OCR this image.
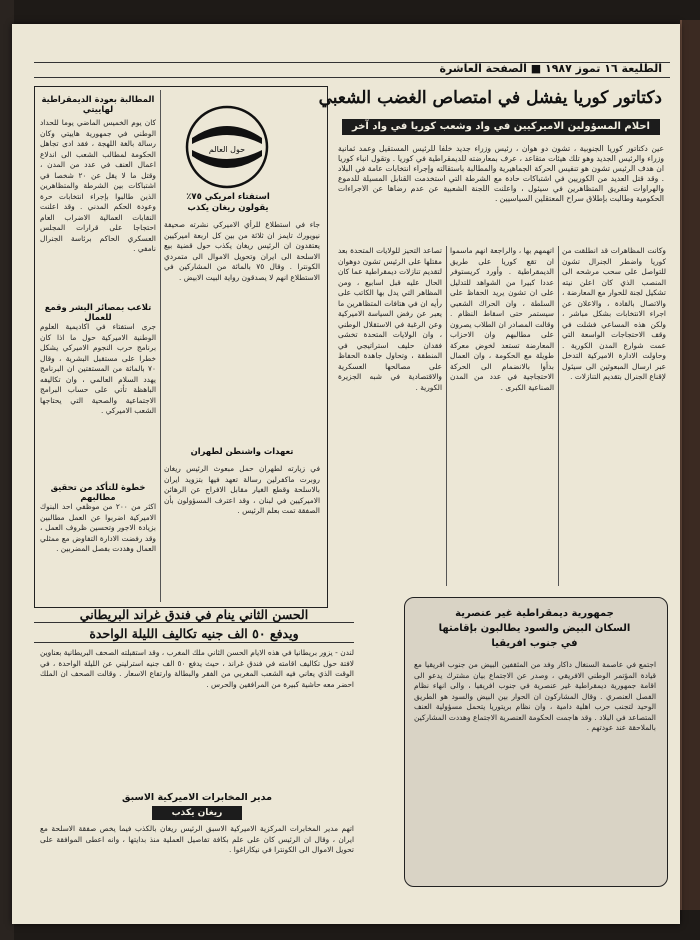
الطليعة ١٦ تموز ١٩٨٧ ■ الصفحة العاشرة
المطالبة بعودة الديمقراطية لهاييتي
كان يوم الخميس الماضي يوما للحداد الوطني في جمهورية هاييتي وكان رسالة بالغة اللهجة ، فقد ادى تجاهل الحكومة لمطالب الشعب الى اندلاع اعمال العنف في عدد من المدن ، وقتل ما لا يقل عن ٢٠ شخصا في اشتباكات بين الشرطة والمتظاهرين الذين طالبوا بإجراء انتخابات حرة وعودة الحكم المدني . وقد اعلنت النقابات العمالية الاضراب العام احتجاجا على قرارات المجلس العسكري الحاكم برئاسة الجنرال نامفي .
تلاعب بمصائر البشر وقمع للعمال
جرى استفتاء في اكاديمية العلوم الوطنية الاميركية حول ما اذا كان برنامج حرب النجوم الاميركي يشكل خطرا على مستقبل البشرية ، وقال ٧٠ بالمائة من المستفتين ان البرنامج يهدد السلام العالمي ، وان تكاليفه الباهظة تأتي على حساب البرامج الاجتماعية والصحية التي يحتاجها الشعب الاميركي .
خطوة للتأكد من تحقيق مطالبهم
اكثر من ٢٠٠ من موظفي احد البنوك الاميركية اضربوا عن العمل مطالبين بزيادة الاجور وتحسين ظروف العمل ، وقد رفضت الادارة التفاوض مع ممثلي العمال وهددت بفصل المضربين .
حول العالم
استفتاء امريكي ٧٥٪ يقولون ريغان يكذب
جاء في استطلاع للرأي الاميركي نشرته صحيفة نيويورك تايمز ان ثلاثة من بين كل اربعة اميركيين يعتقدون ان الرئيس ريغان يكذب حول قضية بيع الاسلحة الى ايران وتحويل الاموال الى متمردي الكونترا . وقال ٧٥ بالمائة من المشاركين في الاستطلاع انهم لا يصدقون رواية البيت الابيض .
تعهدات واشنطن لطهران
في زيارته لطهران حمل مبعوث الرئيس ريغان روبرت ماكفرلين رسالة تعهد فيها بتزويد ايران بالاسلحة وقطع الغيار مقابل الافراج عن الرهائن الاميركيين في لبنان ، وقد اعترف المسؤولون بأن الصفقة تمت بعلم الرئيس .
دكتاتور كوريا يفشل في امتصاص الغضب الشعبي
احلام المسؤولين الاميركيين في واد وشعب كوريا في واد آخر
عين دكتاتور كوريا الجنوبية ، تشون دو هوان ، رئيس وزراء جديد خلفا للرئيس المستقيل وعمد ثمانية وزراء والرئيس الجديد وهو تلك هيئات متقاعد ، عرف بمعارضته للديمقراطية في كوريا . وتقول انباء كوريا ان هدف الرئيس تشون هو تنفيس الحركة الجماهيرية والمطالبة باستقالته وإجراء انتخابات عامة في البلاد . وقد قتل العديد من الكوريين في اشتباكات حادة مع الشرطة التي استخدمت القنابل المسيلة للدموع والهراوات لتفريق المتظاهرين في سيئول ، واعلنت اللجنة الشعبية عن عدم رضاها عن الاجراءات الحكومية وطالبت بإطلاق سراح المعتقلين السياسيين .
وكانت المظاهرات قد انطلقت من كوريا واضطر الجنرال تشون للتواصل على سحب مرشحه الى المنصب الذي كان اعلن نيته تشكيل لجنة للحوار مع المعارضة ، والاتصال بالقادة ، والاعلان عن اجراء الانتخابات بشكل مباشر ، ولكن هذه المساعي فشلت في وقف الاحتجاجات الواسعة التي عمت شوارع المدن الكورية . وحاولت الادارة الاميركية التدخل عبر ارسال المبعوثين الى سيئول لإقناع الجنرال بتقديم التنازلات .
اتهمهم بها ، والراجعة انهم ماسموا ان تقع كوريا على طريق الديمقراطية . وأورد كريستوفر عددا كبيرا من الشواهد للتدليل على ان تشون يريد الحفاظ على السلطة ، وان الحراك الشعبي سيستمر حتى اسقاط النظام . وقالت المصادر ان الطلاب يصرون على مطالبهم وان الاحزاب المعارضة تستعد لخوض معركة طويلة مع الحكومة ، وان العمال بدأوا بالانضمام الى الحركة الاحتجاجية في عدد من المدن الصناعية الكبرى .
تصاعد التحيز للولايات المتحدة بعد مقتلها على الرئيس تشون دوهوان لتقديم تنازلات ديمقراطية عما كان الحال عليه قبل اسابيع ، ومن المظاهر التي يدل بها الكاتب على رأيه ان في هتافات المتظاهرين ما يعبر عن رفض السياسة الاميركية وعن الرغبة في الاستقلال الوطني ، وان الولايات المتحدة تخشى فقدان حليف استراتيجي في المنطقة ، وتحاول جاهدة الحفاظ على مصالحها العسكرية والاقتصادية في شبه الجزيرة الكورية .
الحسن الثاني ينام في فندق غراند البريطاني
ويدفع ٥٠ الف جنيه تكاليف الليلة الواحدة
لندن - يزور بريطانيا في هذه الايام الحسن الثاني ملك المغرب ، وقد استقبلته الصحف البريطانية بعناوين لافتة حول تكاليف اقامته في فندق غراند ، حيث يدفع ٥٠ الف جنيه استرليني عن الليلة الواحدة ، في الوقت الذي يعاني فيه الشعب المغربي من الفقر والبطالة وارتفاع الاسعار . وقالت الصحف ان الملك احضر معه حاشية كبيرة من المرافقين والحرس .
مدير المخابرات الاميركية الاسبق
ريغان يكذب
اتهم مدير المخابرات المركزية الاميركية الاسبق الرئيس ريغان بالكذب فيما يخص صفقة الاسلحة مع ايران ، وقال ان الرئيس كان على علم بكافة تفاصيل العملية منذ بدايتها ، وانه اعطى الموافقة على تحويل الاموال الى الكونترا في نيكاراغوا .
جمهورية ديمقراطية غير عنصرية
السكان البيض والسود يطالبون بإقامتها
في جنوب افريقيا
اجتمع في عاصمة السنغال داكار وفد من المثقفين البيض من جنوب افريقيا مع قيادة المؤتمر الوطني الافريقي ، وصدر عن الاجتماع بيان مشترك يدعو الى اقامة جمهورية ديمقراطية غير عنصرية في جنوب افريقيا ، والى انهاء نظام الفصل العنصري . وقال المشاركون ان الحوار بين البيض والسود هو الطريق الوحيد لتجنب حرب اهلية دامية ، وان نظام بريتوريا يتحمل مسؤولية العنف المتصاعد في البلاد . وقد هاجمت الحكومة العنصرية الاجتماع وهددت المشاركين بالملاحقة عند عودتهم .
